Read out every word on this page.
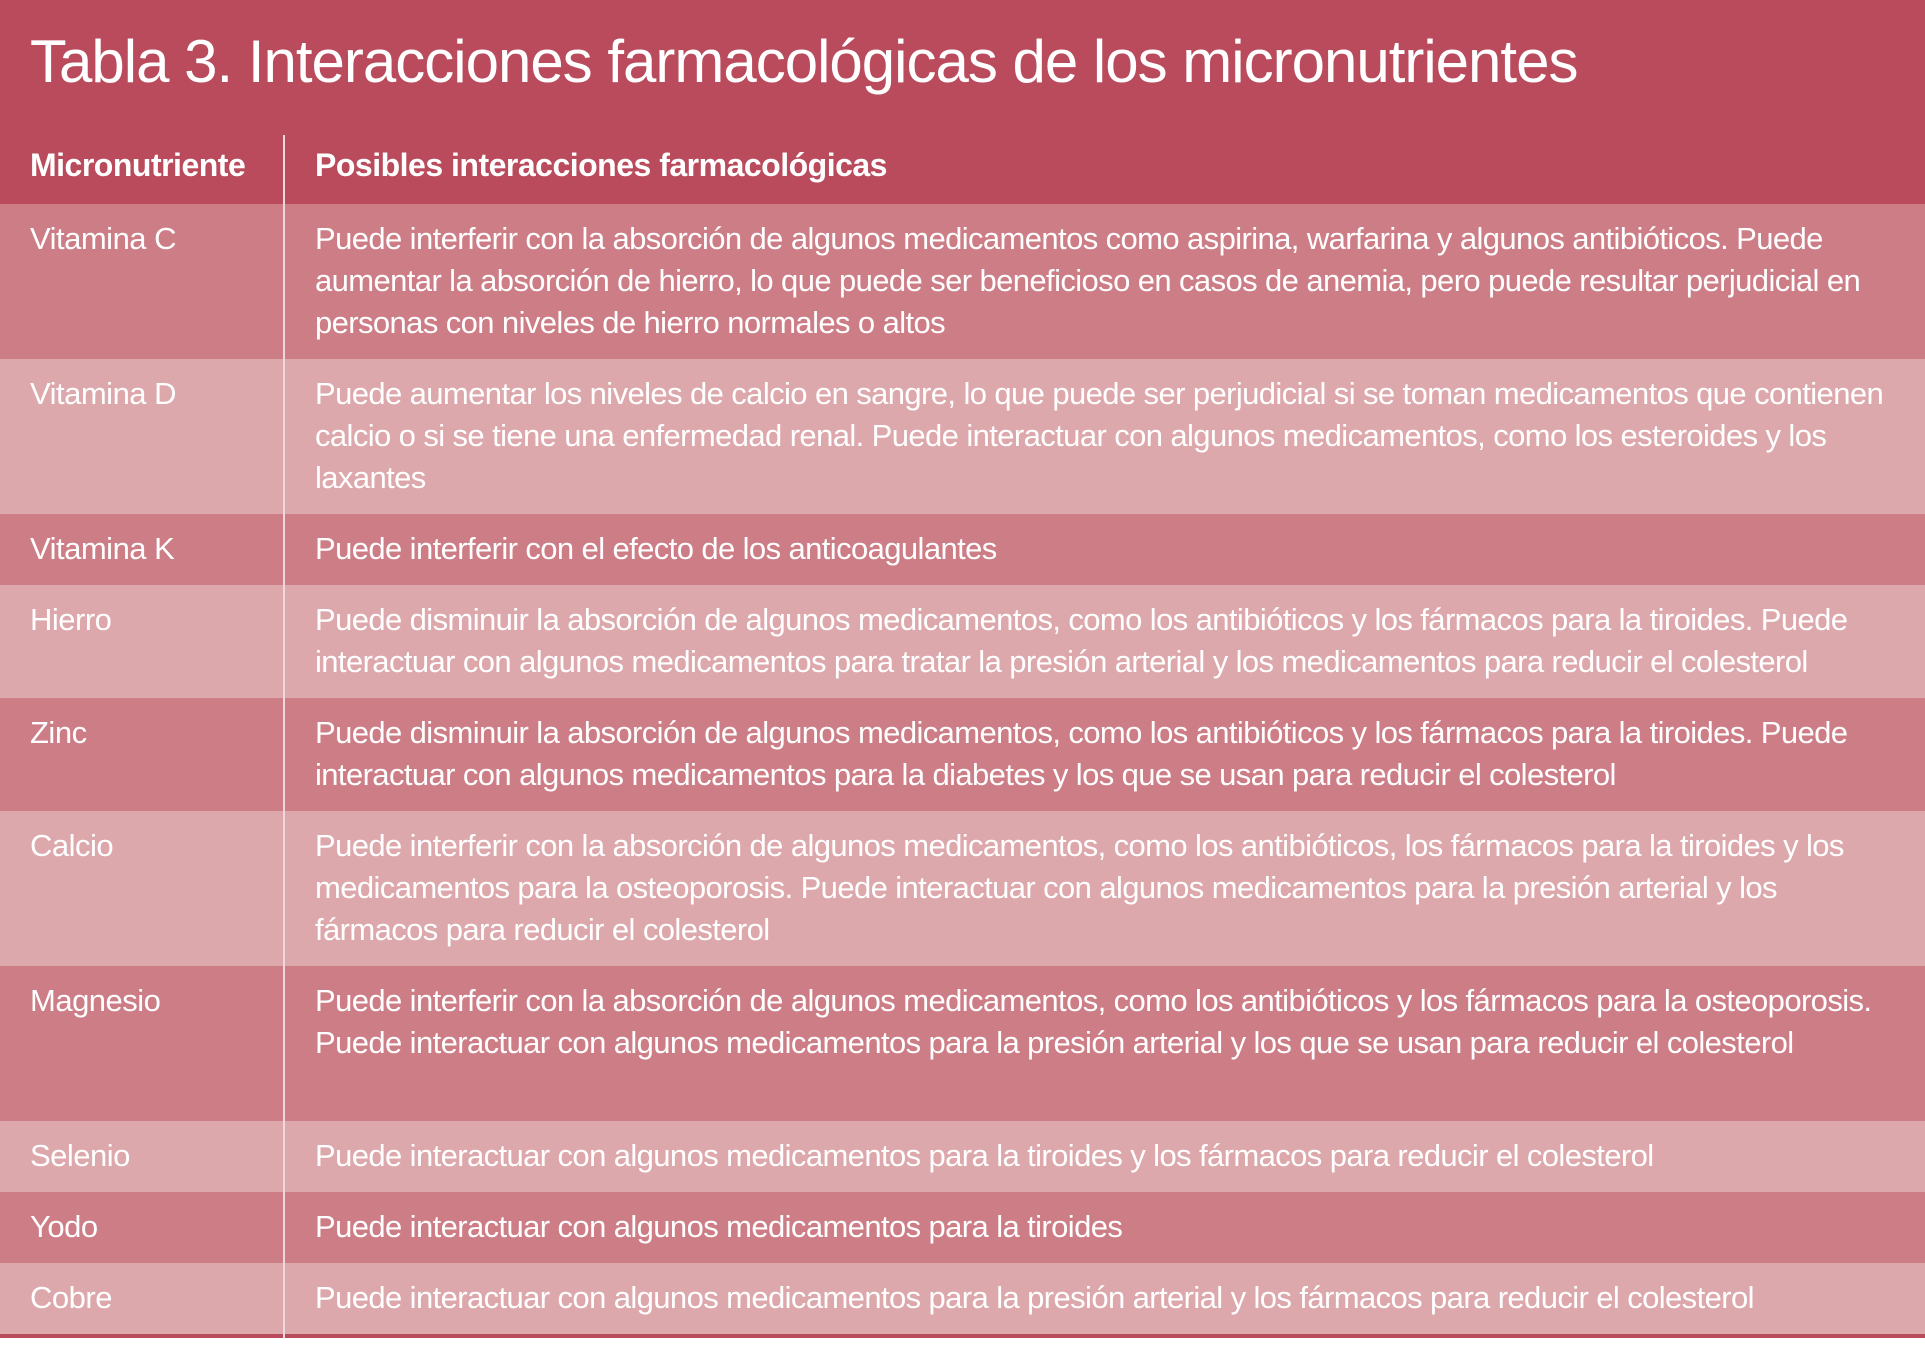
Tabla 3. Interacciones farmacológicas de los micronutrientes
Micronutriente Posibles interacciones farmacológicas
Vitamina C	Puede interferir con la absorción de algunos medicamentos como aspirina, warfarina y algunos antibióticos. Puede aumentar la absorción de hierro, lo que puede ser beneficioso en casos de anemia, pero puede resultar perjudicial en personas con niveles de hierro normales o altos
Vitamina D	Puede aumentar los niveles de calcio en sangre, lo que puede ser perjudicial si se toman medicamentos que contienen calcio o si se tiene una enfermedad renal. Puede interactuar con algunos medicamentos, como los esteroides y los laxantes
Vitamina K	Puede interferir con el efecto de los anticoagulantes
Hierro	Puede disminuir la absorción de algunos medicamentos, como los antibióticos y los fármacos para la tiroides. Puede interactuar con algunos medicamentos para tratar la presión arterial y los medicamentos para reducir el colesterol
Zinc	Puede disminuir la absorción de algunos medicamentos, como los antibióticos y los fármacos para la tiroides. Puede interactuar con algunos medicamentos para la diabetes y los que se usan para reducir el colesterol
Calcio	Puede interferir con la absorción de algunos medicamentos, como los antibióticos, los fármacos para la tiroides y los medicamentos para la osteoporosis. Puede interactuar con algunos medicamentos para la presión arterial y los fármacos para reducir el colesterol
Magnesio	Puede interferir con la absorción de algunos medicamentos, como los antibióticos y los fármacos para la osteoporosis. Puede interactuar con algunos medicamentos para la presión arterial y los que se usan para reducir el colesterol
Selenio	Puede interactuar con algunos medicamentos para la tiroides y los fármacos para reducir el colesterol
Yodo	Puede interactuar con algunos medicamentos para la tiroides
Cobre	Puede interactuar con algunos medicamentos para la presión arterial y los fármacos para reducir el colesterol
